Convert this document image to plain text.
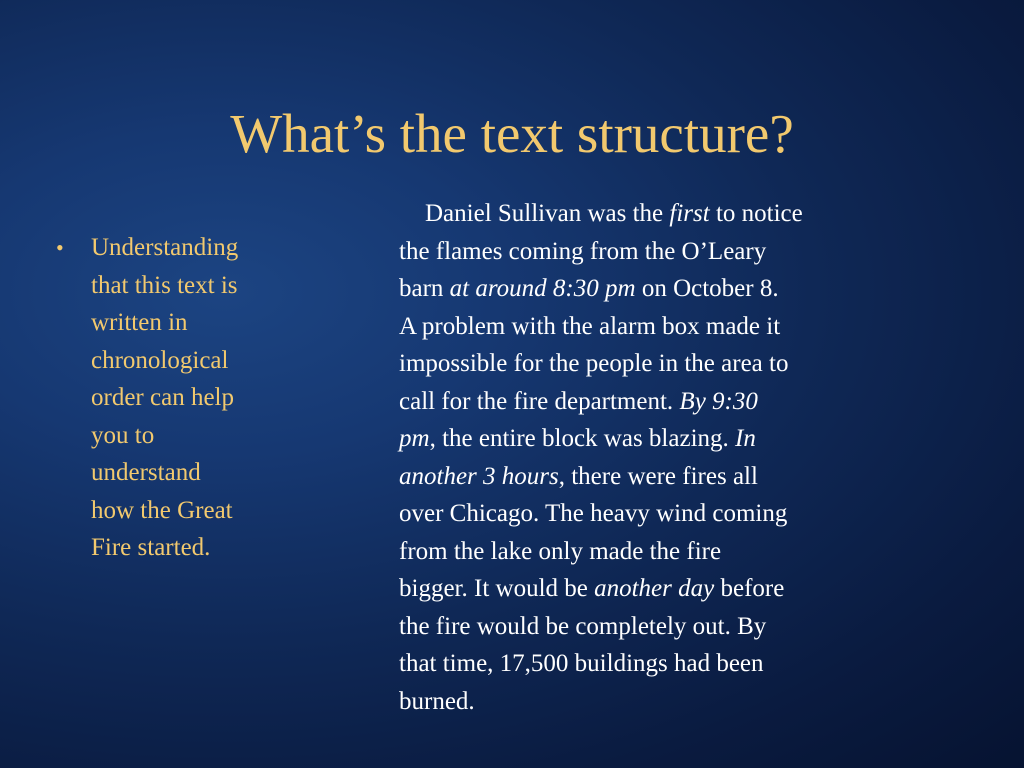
What’s the text structure?
•	Understanding
that this text is
written in
chronological
order can help
you to
understand
how the Great
Fire started.
Daniel Sullivan was the first to notice
the flames coming from the O’Leary
barn at around 8:30 pm on October 8.
A problem with the alarm box made it
impossible for the people in the area to
call for the fire department. By 9:30
pm, the entire block was blazing. In
another 3 hours, there were fires all
over Chicago. The heavy wind coming
from the lake only made the fire
bigger. It would be another day before
the fire would be completely out. By
that time, 17,500 buildings had been
burned.
